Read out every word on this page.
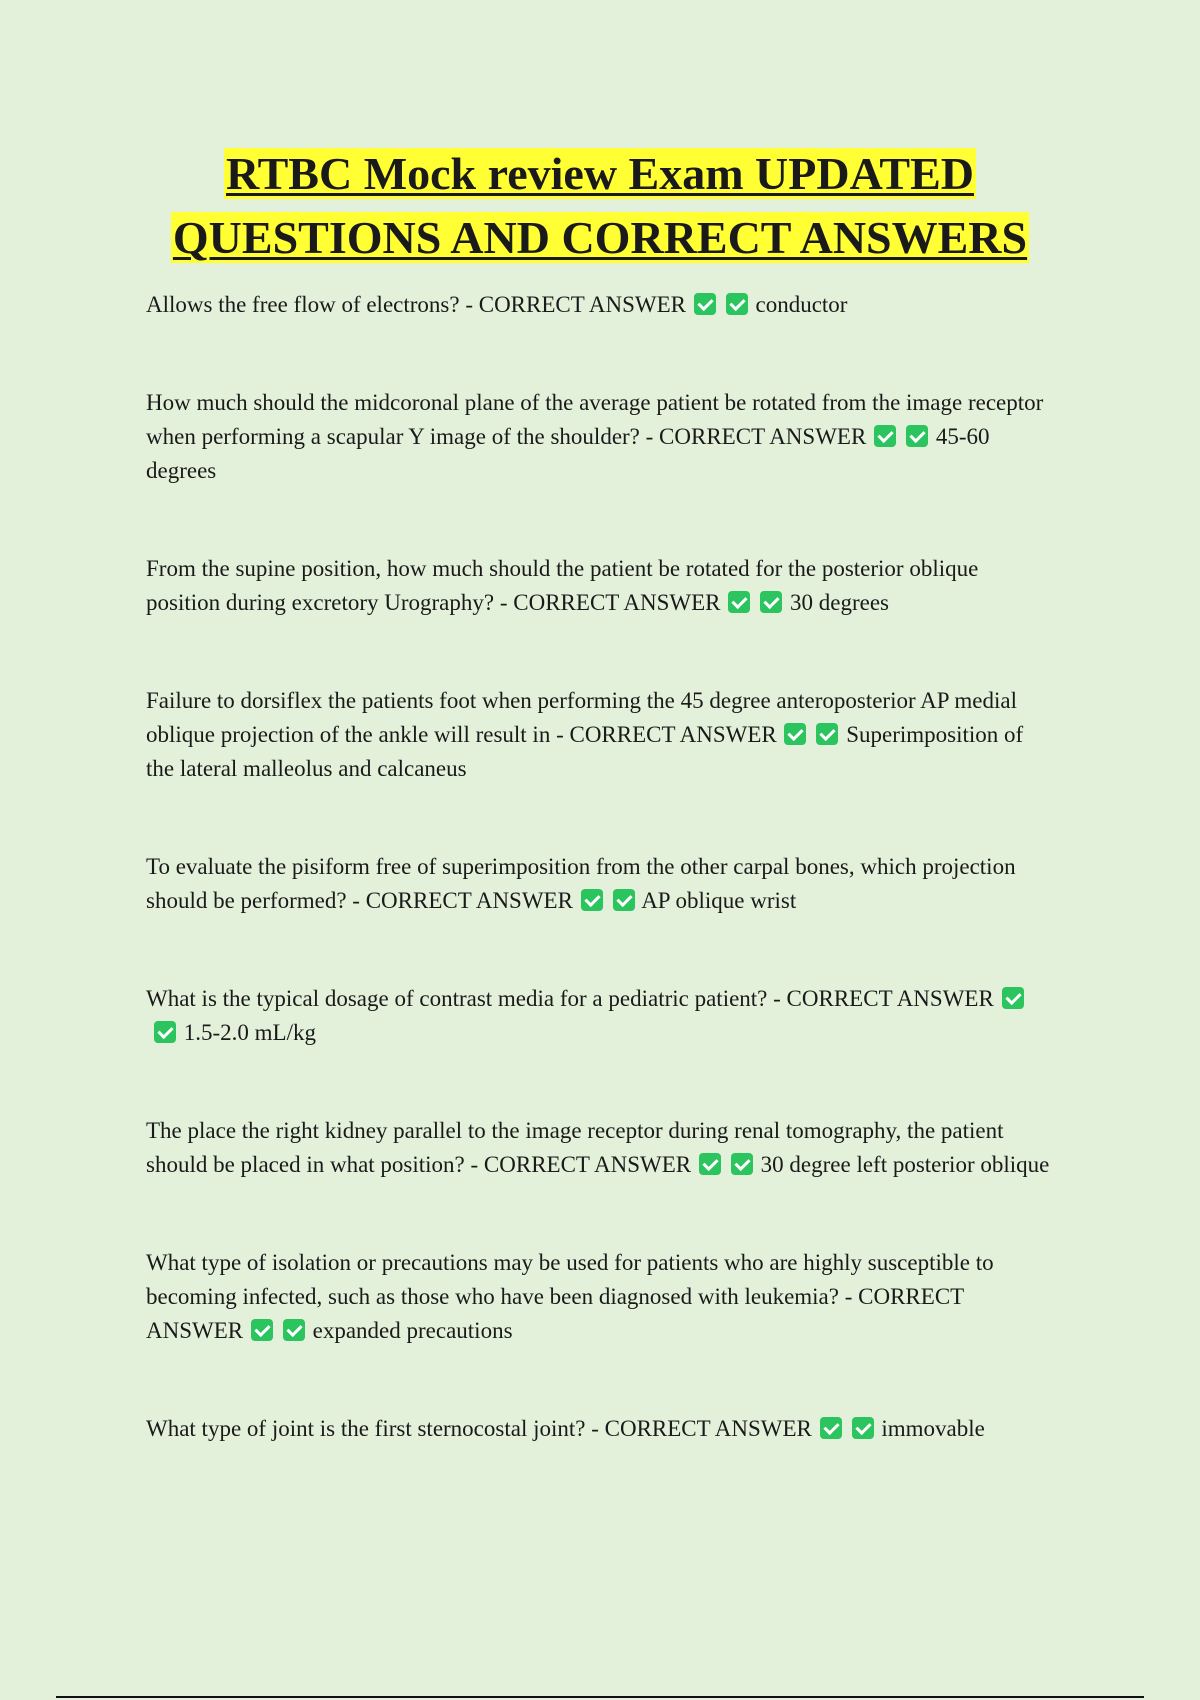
RTBC Mock review Exam UPDATED
QUESTIONS AND CORRECT ANSWERS

Allows the free flow of electrons? - CORRECT ANSWER	conductor

How much should the midcoronal plane of the average patient be rotated from the image receptor when performing a scapular Y image of the shoulder? - CORRECT ANSWER	45-60 degrees

From the supine position, how much should the patient be rotated for the posterior oblique position during excretory Urography? - CORRECT ANSWER	30 degrees

Failure to dorsiflex the patients foot when performing the 45 degree anteroposterior AP medial oblique projection of the ankle will result in - CORRECT ANSWER	Superimposition of the lateral malleolus and calcaneus

To evaluate the pisiform free of superimposition from the other carpal bones, which projection should be performed? - CORRECT ANSWER	AP oblique wrist

What is the typical dosage of contrast media for a pediatric patient? - CORRECT ANSWER  1.5-2.0 mL/kg

The place the right kidney parallel to the image receptor during renal tomography, the patient should be placed in what position? - CORRECT ANSWER	30 degree left posterior oblique

What type of isolation or precautions may be used for patients who are highly susceptible to becoming infected, such as those who have been diagnosed with leukemia? - CORRECT ANSWER	expanded precautions

What type of joint is the first sternocostal joint? - CORRECT ANSWER	immovable
